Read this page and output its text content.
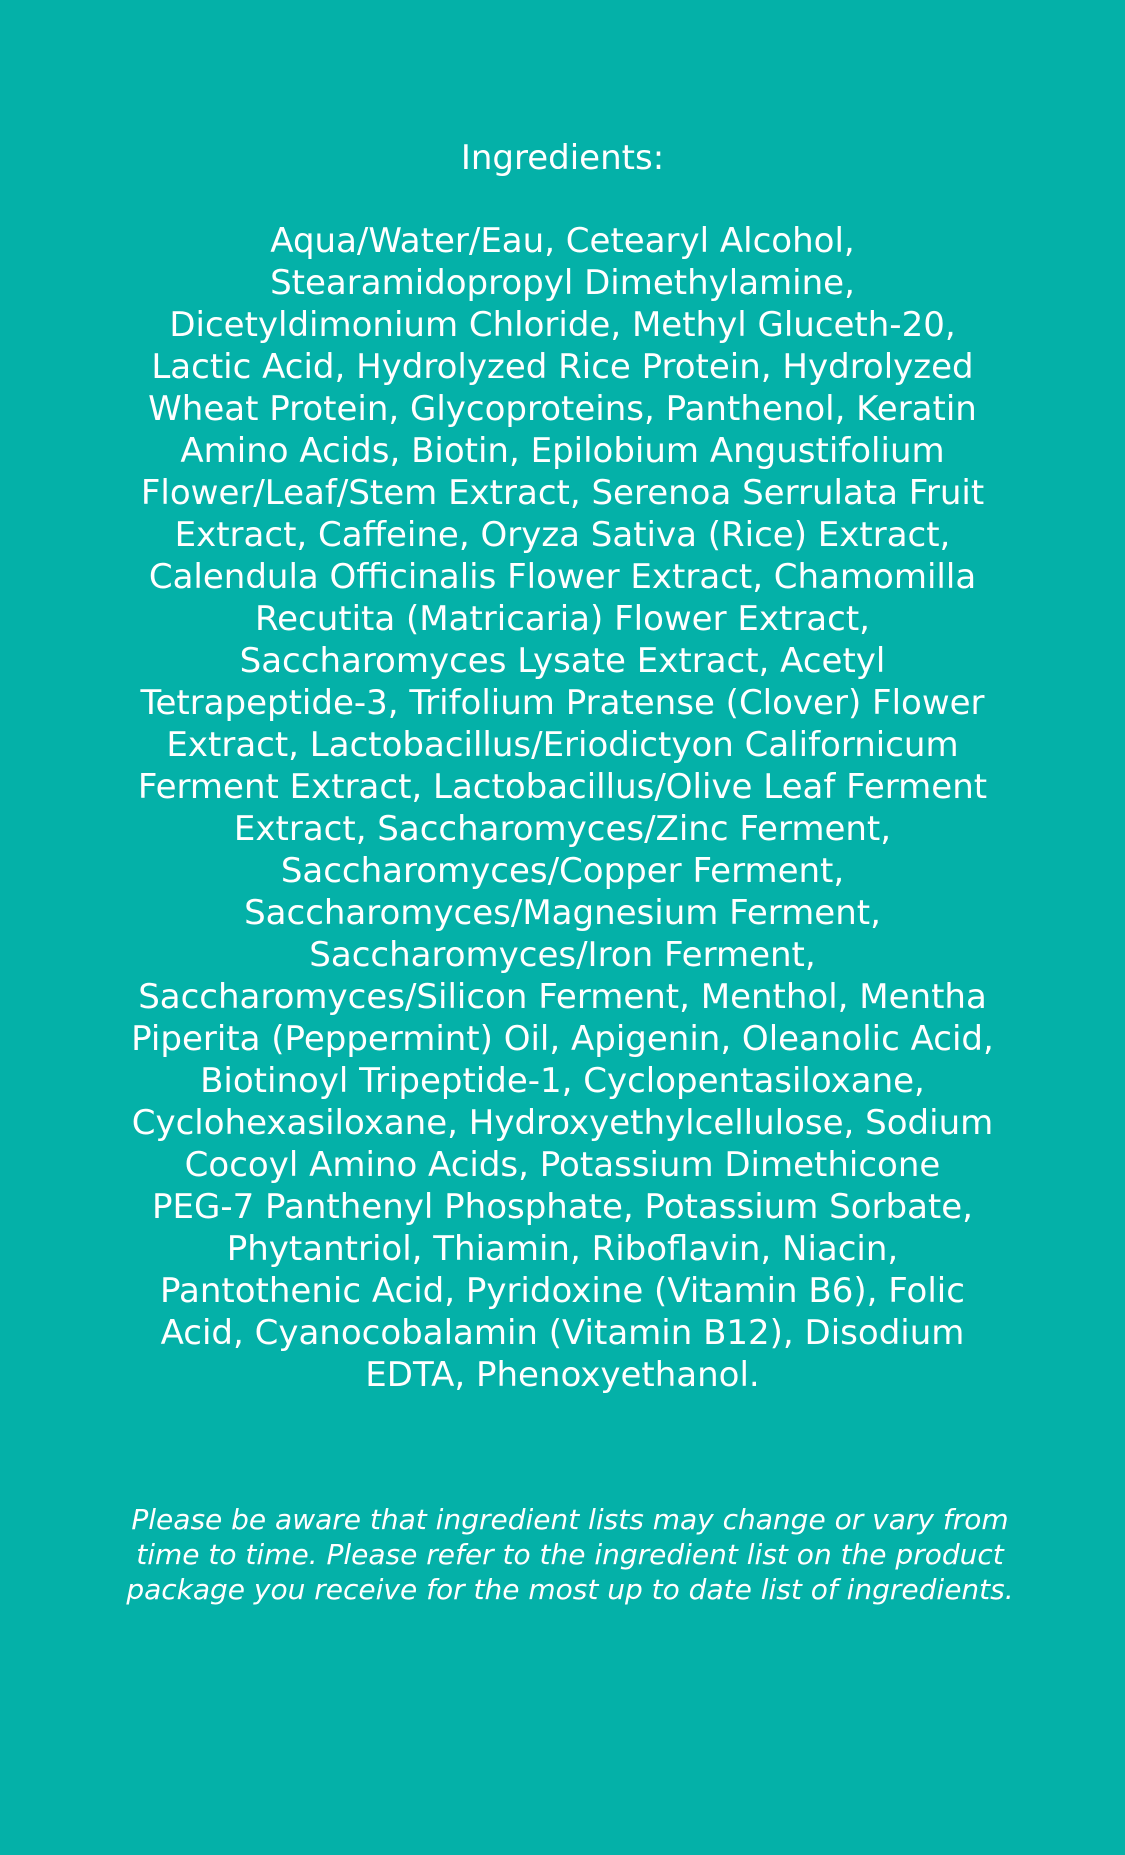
Ingredients:

Aqua/Water/Eau, Cetearyl Alcohol,
Stearamidopropyl Dimethylamine,
Dicetyldimonium Chloride, Methyl Gluceth-20,
Lactic Acid, Hydrolyzed Rice Protein, Hydrolyzed
Wheat Protein, Glycoproteins, Panthenol, Keratin
Amino Acids, Biotin, Epilobium Angustifolium
Flower/Leaf/Stem Extract, Serenoa Serrulata Fruit
Extract, Caffeine, Oryza Sativa (Rice) Extract,
Calendula Officinalis Flower Extract, Chamomilla
Recutita (Matricaria) Flower Extract,
Saccharomyces Lysate Extract, Acetyl
Tetrapeptide-3, Trifolium Pratense (Clover) Flower
Extract, Lactobacillus/Eriodictyon Californicum
Ferment Extract, Lactobacillus/Olive Leaf Ferment
Extract, Saccharomyces/Zinc Ferment,
Saccharomyces/Copper Ferment,
Saccharomyces/Magnesium Ferment,
Saccharomyces/Iron Ferment,
Saccharomyces/Silicon Ferment, Menthol, Mentha
Piperita (Peppermint) Oil, Apigenin, Oleanolic Acid,
Biotinoyl Tripeptide-1, Cyclopentasiloxane,
Cyclohexasiloxane, Hydroxyethylcellulose, Sodium
Cocoyl Amino Acids, Potassium Dimethicone
PEG-7 Panthenyl Phosphate, Potassium Sorbate,
Phytantriol, Thiamin, Riboflavin, Niacin,
Pantothenic Acid, Pyridoxine (Vitamin B6), Folic
Acid, Cyanocobalamin (Vitamin B12), Disodium
EDTA, Phenoxyethanol.

Please be aware that ingredient lists may change or vary from
time to time. Please refer to the ingredient list on the product
package you receive for the most up to date list of ingredients.
